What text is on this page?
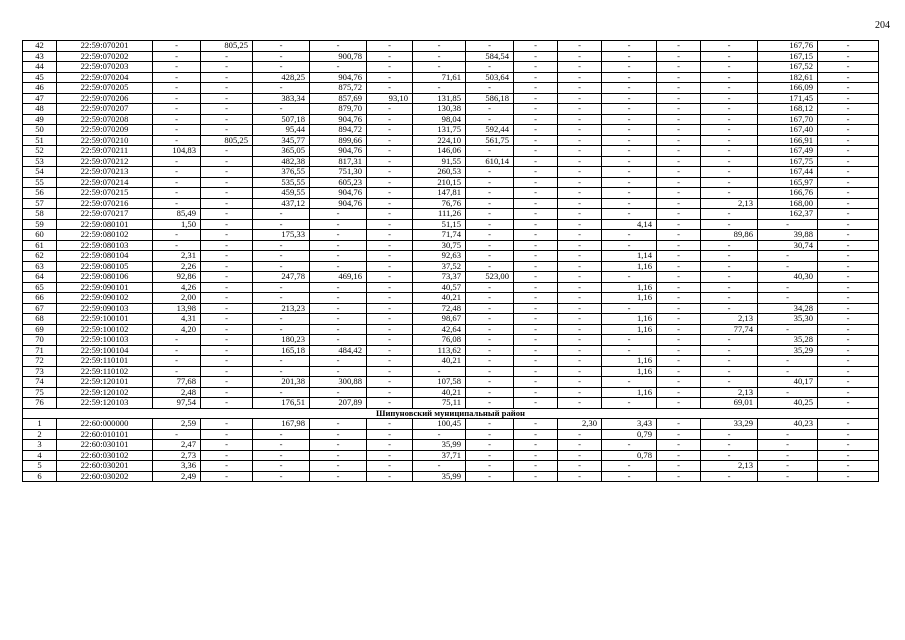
204
42	22:59:070201	-	805,25	-	-	-	-	-	-	-	-	-	-	167,76	-
43	22:59:070202	-	-	-	900,78	-	-	584,54	-	-	-	-	-	167,15	-
44	22:59:070203	-	-	-	-	-	-	-	-	-	-	-	-	167,52	-
45	22:59:070204	-	-	428,25	904,76	-	71,61	503,64	-	-	-	-	-	182,61	-
46	22:59:070205	-	-	-	875,72	-	-	-	-	-	-	-	-	166,09	-
47	22:59:070206	-	-	383,34	857,69	93,10	131,85	586,18	-	-	-	-	-	171,45	-
48	22:59:070207	-	-	-	879,70	-	130,38	-	-	-	-	-	-	168,12	-
49	22:59:070208	-	-	507,18	904,76	-	98,04	-	-	-	-	-	-	167,70	-
50	22:59:070209	-	-	95,44	894,72	-	131,75	592,44	-	-	-	-	-	167,40	-
51	22:59:070210	-	805,25	345,77	899,66	-	224,10	561,75	-	-	-	-	-	166,91	-
52	22:59:070211	104,83	-	365,05	904,76	-	146,06	-	-	-	-	-	-	167,49	-
53	22:59:070212	-	-	482,38	817,31	-	91,55	610,14	-	-	-	-	-	167,75	-
54	22:59:070213	-	-	376,55	751,30	-	260,53	-	-	-	-	-	-	167,44	-
55	22:59:070214	-	-	535,55	605,23	-	210,15	-	-	-	-	-	-	165,97	-
56	22:59:070215	-	-	459,55	904,76	-	147,81	-	-	-	-	-	-	166,76	-
57	22:59:070216	-	-	437,12	904,76	-	76,76	-	-	-	-	-	2,13	168,00	-
58	22:59:070217	85,49	-	-	-	-	111,26	-	-	-	-	-	-	162,37	-
59	22:59:080101	1,50	-	-	-	-	51,15	-	-	-	4,14	-	-	-	-
60	22:59:080102	-	-	175,33	-	-	71,74	-	-	-	-	-	89,86	39,88	-
61	22:59:080103	-	-	-	-	-	30,75	-	-	-	-	-	-	30,74	-
62	22:59:080104	2,31	-	-	-	-	92,63	-	-	-	1,14	-	-	-	-
63	22:59:080105	2,26	-	-	-	-	37,52	-	-	-	1,16	-	-	-	-
64	22:59:080106	92,86	-	247,78	469,16	-	73,37	523,00	-	-	-	-	-	40,30	-
65	22:59:090101	4,26	-	-	-	-	40,57	-	-	-	1,16	-	-	-	-
66	22:59:090102	2,00	-	-	-	-	40,21	-	-	-	1,16	-	-	-	-
67	22:59:090103	13,98	-	213,23	-	-	72,48	-	-	-	-	-	-	34,28	-
68	22:59:100101	4,31	-	-	-	-	98,67	-	-	-	1,16	-	2,13	35,30	-
69	22:59:100102	4,20	-	-	-	-	42,64	-	-	-	1,16	-	77,74	-	-
70	22:59:100103	-	-	180,23	-	-	76,08	-	-	-	-	-	-	35,28	-
71	22:59:100104	-	-	165,18	484,42	-	113,62	-	-	-	-	-	-	35,29	-
72	22:59:110101	-	-	-	-	-	40,21	-	-	-	1,16	-	-	-	-
73	22:59:110102	-	-	-	-	-	-	-	-	-	1,16	-	-	-	-
74	22:59:120101	77,68	-	201,38	300,88	-	107,58	-	-	-	-	-	-	40,17	-
75	22:59:120102	2,48	-	-	-	-	40,21	-	-	-	1,16	-	2,13	-	-
76	22:59:120103	97,54	-	176,51	207,89	-	75,11	-	-	-	-	-	69,01	40,25	-
Шипуновский муниципальный район															
1	22:60:000000	2,59	-	167,98	-	-	100,45	-	-	2,30	3,43	-	33,29	40,23	-
2	22:60:010101	-	-	-	-	-	-	-	-	-	0,79	-	-	-	-
3	22:60:030101	2,47	-	-	-	-	35,99	-	-	-	-	-	-	-	-
4	22:60:030102	2,73	-	-	-	-	37,71	-	-	-	0,78	-	-	-	-
5	22:60:030201	3,36	-	-	-	-	-	-	-	-	-	-	2,13	-	-
6	22:60:030202	2,49	-	-	-	-	35,99	-	-	-	-	-	-	-	-
